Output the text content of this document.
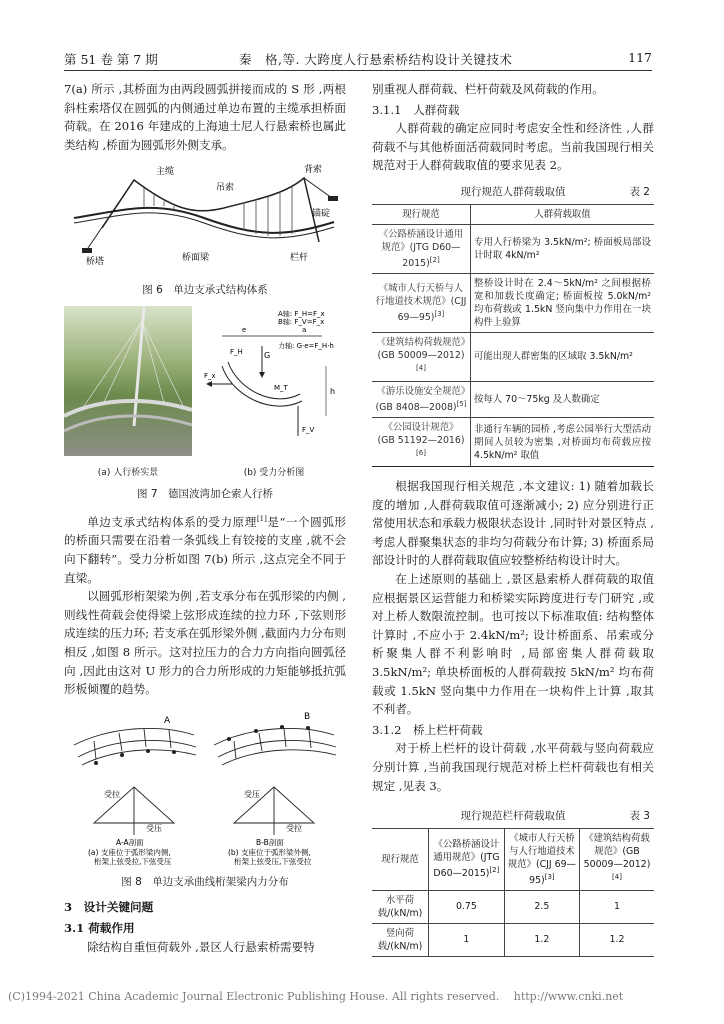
第 51 卷 第 7 期	秦　格,等. 大跨度人行悬索桥结构设计关键技术	117

7(a) 所示 ,其桥面为由两段圆弧拼接而成的 S 形 ,两根斜柱索塔仅在圆弧的内侧通过单边布置的主缆承担桥面荷载。在 2016 年建成的上海迪士尼人行悬索桥也属此类结构 ,桥面为圆弧形外侧支承。

主缆
吊索
背索
锚碇
桥塔	桥面梁	栏杆
图 6　单边支承式结构体系
(a) 人行桥实景
G
F_x
F_H
F_V
h
M_T
e	a
A轴: F_H=F_x
B轴: F_V=F_x
力轴: G·e=F_H·h
(b) 受力分析图
图 7　德国波湾加仑索人行桥

单边支承式结构体系的受力原理[1]是“一个圆弧形的桥面只需要在沿着一条弧线上有铰接的支座 ,就不会向下翻转”。受力分析如图 7(b) 所示 ,这点完全不同于直梁。

以圆弧形桁架梁为例 ,若支承分布在弧形梁的内侧 ,则线性荷载会使得梁上弦形成连续的拉力环 ,下弦则形成连续的压力环; 若支承在弧形梁外侧 ,截面内力分布则相反 ,如图 8 所示。这对拉压力的合力方向指向圆弧径向 ,因此由这对 U 形力的合力所形成的力矩能够抵抗弧形板倾覆的趋势。

A	B
受拉
受压
受压
受拉
A-A剖面
(a) 支座位于弧形梁内侧,
桁架上弦受拉,下弦受压
B-B剖面
(b) 支座位于弧形梁外侧,
桁架上弦受压,下弦受拉
图 8　单边支承曲线桁架梁内力分布

3　设计关键问题

3.1 荷载作用

除结构自重恒荷载外 ,景区人行悬索桥需要特

别重视人群荷载、栏杆荷载及风荷载的作用。

3.1.1　人群荷载

人群荷载的确定应同时考虑安全性和经济性 ,人群荷载不与其他桥面活荷载同时考虑。当前我国现行相关规范对于人群荷载取值的要求见表 2。

现行规范人群荷载取值	表 2
现行规范	人群荷载取值
《公路桥涵设计通用规范》(JTG D60—2015)[2]	专用人行桥梁为 3.5kN/m²; 桥面板局部设计时取 4kN/m²
《城市人行天桥与人行地道技术规范》(CJJ 69—95)[3]	整桥设计时在 2.4～5kN/m² 之间根据桥宽和加载长度确定; 桥面板按 5.0kN/m² 均布荷载或 1.5kN 竖向集中力作用在一块构件上验算
《建筑结构荷载规范》(GB 50009—2012)[4]	可能出现人群密集的区域取 3.5kN/m²
《游乐设施安全规范》(GB 8408—2008)[5]	按每人 70～75kg 及人数确定
《公园设计规范》(GB 51192—2016)[6]	非通行车辆的园桥 ,考虑公园举行大型活动期间人员较为密集 ,对桥面均布荷载应按 4.5kN/m² 取值

根据我国现行相关规范 ,本文建议: 1) 随着加载长度的增加 ,人群荷载取值可逐渐减小; 2) 应分别进行正常使用状态和承载力极限状态设计 ,同时针对景区特点 ,考虑人群聚集状态的非均匀荷载分布计算; 3) 桥面系局部设计时的人群荷载取值应较整桥结构设计时大。

在上述原则的基础上 ,景区悬索桥人群荷载的取值应根据景区运营能力和桥梁实际跨度进行专门研究 ,或对上桥人数限流控制。也可按以下标准取值: 结构整体计算时 ,不应小于 2.4kN/m²; 设计桥面系、吊索或分析聚集人群不利影响时 ,局部密集人群荷载取 3.5kN/m²; 单块桥面板的人群荷载按 5kN/m² 均布荷载或 1.5kN 竖向集中力作用在一块构件上计算 ,取其不利者。

3.1.2　桥上栏杆荷载

对于桥上栏杆的设计荷载 ,水平荷载与竖向荷载应分别计算 ,当前我国现行规范对桥上栏杆荷载也有相关规定 ,见表 3。

现行规范栏杆荷载取值	表 3
现行规范	《公路桥涵设计通用规范》(JTG D60—2015)[2]	《城市人行天桥与人行地道技术规范》(CJJ 69—95)[3]	《建筑结构荷载规范》(GB 50009—2012)[4]
水平荷载/(kN/m)	0.75	2.5	1
竖向荷载/(kN/m)	1	1.2	1.2
(C)1994-2021 China Academic Journal Electronic Publishing House. All rights reserved.　 http://www.cnki.net
